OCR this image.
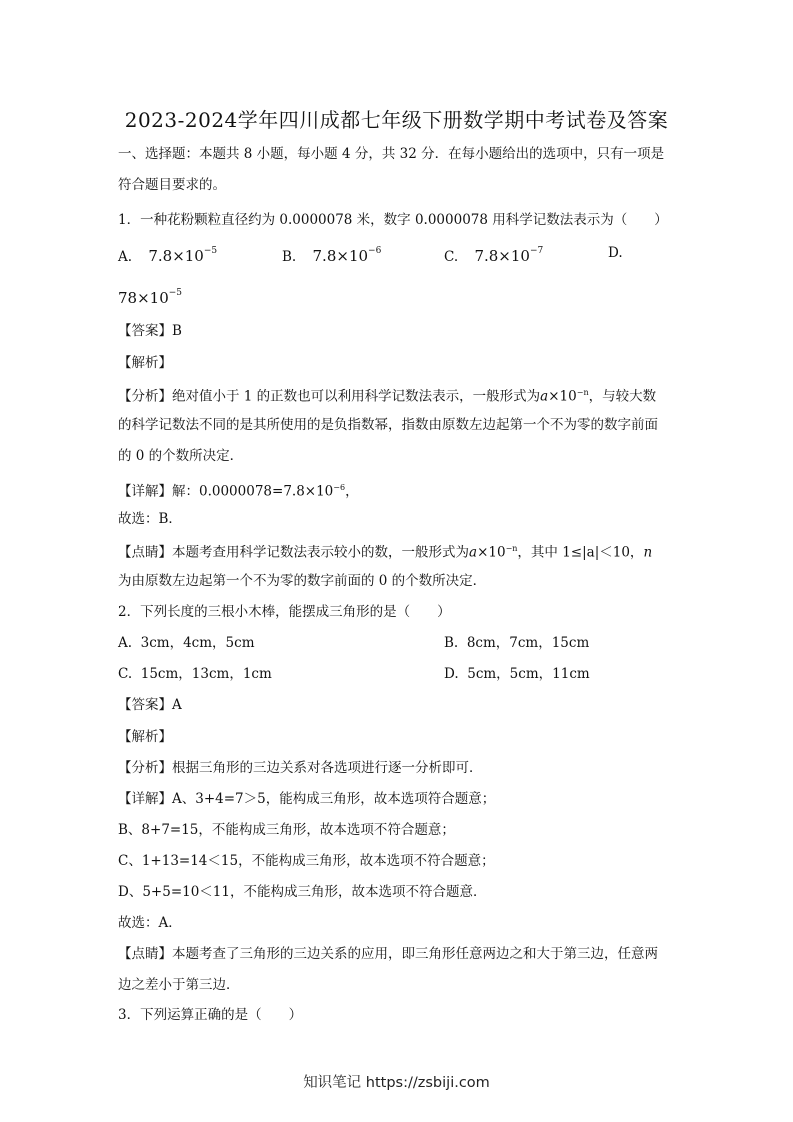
2023-2024学年四川成都七年级下册数学期中考试卷及答案
一、选择题：本题共 8 小题，每小题 4 分，共 32 分．在每小题给出的选项中，只有一项是
符合题目要求的。
1．一种花粉颗粒直径约为 0.0000078 米，数字 0.0000078 用科学记数法表示为（　　）
A. $7.8\times 10^{-5}$	B. $7.8\times 10^{-6}$	C. $7.8\times 10^{-7}$	D.
$78\times 10^{-5}$
【答案】B
【解析】
【分析】绝对值小于 1 的正数也可以利用科学记数法表示，一般形式为$a\times 10^{-n}$，与较大数
的科学记数法不同的是其所使用的是负指数幂，指数由原数左边起第一个不为零的数字前面
的 0 的个数所决定．
【详解】解：$0.0000078=7.8\times 10^{-6}$，
故选：B．
【点睛】本题考查用科学记数法表示较小的数，一般形式为$a\times 10^{-n}$，其中 1≤|a|＜10，n
为由原数左边起第一个不为零的数字前面的 0 的个数所决定．
2．下列长度的三根小木棒，能摆成三角形的是（　　）
A. 3cm，4cm，5cm	B. 8cm，7cm，15cm
C. 15cm，13cm，1cm	D. 5cm，5cm，11cm
【答案】A
【解析】
【分析】根据三角形的三边关系对各选项进行逐一分析即可．
【详解】A、3+4=7＞5，能构成三角形，故本选项符合题意；
B、8+7=15，不能构成三角形，故本选项不符合题意；
C、1+13=14＜15，不能构成三角形，故本选项不符合题意；
D、5+5=10＜11，不能构成三角形，故本选项不符合题意．
故选：A．
【点睛】本题考查了三角形的三边关系的应用，即三角形任意两边之和大于第三边，任意两
边之差小于第三边．
3．下列运算正确的是（　　）
知识笔记 https://zsbiji.com
